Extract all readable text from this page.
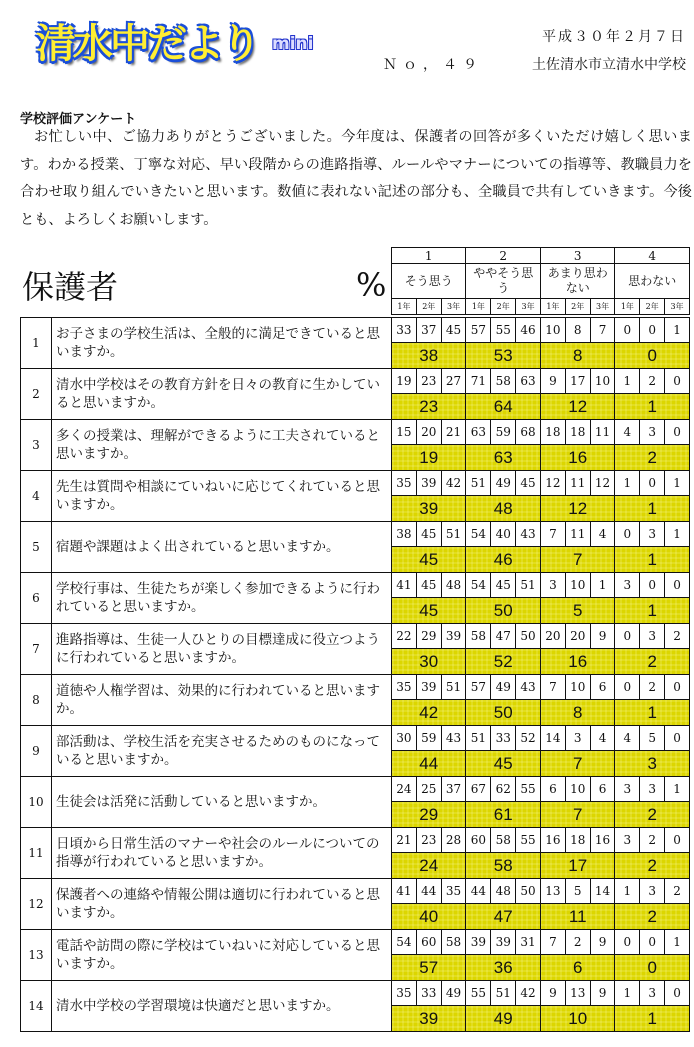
清水中だより mini	平成３０年２月７日
Ｎｏ，４９	土佐清水市立清水中学校
学校評価アンケート
お忙しい中、ご協力ありがとうございました。今年度は、保護者の回答が多くいただけ嬉しく思います。わかる授業、丁寧な対応、早い段階からの進路指導、ルールやマナーについての指導等、教職員力を合わせ取り組んでいきたいと思います。数値に表れない記述の部分も、全職員で共有していきます。今後とも、よろしくお願いします。
保護者	%
1			2			3			4		
そう思う			ややそう思う			あまり思わない			思わない		
1年	2年	3年	1年	2年	3年	1年	2年	3年	1年	2年	3年
1	お子さまの学校生活は、全般的に満足できていると思いますか。	33	37	45	57	55	46	10	8	7	0	0	1
		38			53			8			0		
2	清水中学校はその教育方針を日々の教育に生かしていると思いますか。	19	23	27	71	58	63	9	17	10	1	2	0
		23			64			12			1		
3	多くの授業は、理解ができるように工夫されていると思いますか。	15	20	21	63	59	68	18	18	11	4	3	0
		19			63			16			2		
4	先生は質問や相談にていねいに応じてくれていると思いますか。	35	39	42	51	49	45	12	11	12	1	0	1
		39			48			12			1		
5	宿題や課題はよく出されていると思いますか。	38	45	51	54	40	43	7	11	4	0	3	1
		45			46			7			1		
6	学校行事は、生徒たちが楽しく参加できるように行われていると思いますか。	41	45	48	54	45	51	3	10	1	3	0	0
		45			50			5			1		
7	進路指導は、生徒一人ひとりの目標達成に役立つように行われていると思いますか。	22	29	39	58	47	50	20	20	9	0	3	2
		30			52			16			2		
8	道徳や人権学習は、効果的に行われていると思いますか。	35	39	51	57	49	43	7	10	6	0	2	0
		42			50			8			1		
9	部活動は、学校生活を充実させるためのものになっていると思いますか。	30	59	43	51	33	52	14	3	4	4	5	0
		44			45			7			3		
10	生徒会は活発に活動していると思いますか。	24	25	37	67	62	55	6	10	6	3	3	1
		29			61			7			2		
11	日頃から日常生活のマナーや社会のルールについての指導が行われていると思いますか。	21	23	28	60	58	55	16	18	16	3	2	0
		24			58			17			2		
12	保護者への連絡や情報公開は適切に行われていると思いますか。	41	44	35	44	48	50	13	5	14	1	3	2
		40			47			11			2		
13	電話や訪問の際に学校はていねいに対応していると思いますか。	54	60	58	39	39	31	7	2	9	0	0	1
		57			36			6			0		
14	清水中学校の学習環境は快適だと思いますか。	35	33	49	55	51	42	9	13	9	1	3	0
		39			49			10			1		
